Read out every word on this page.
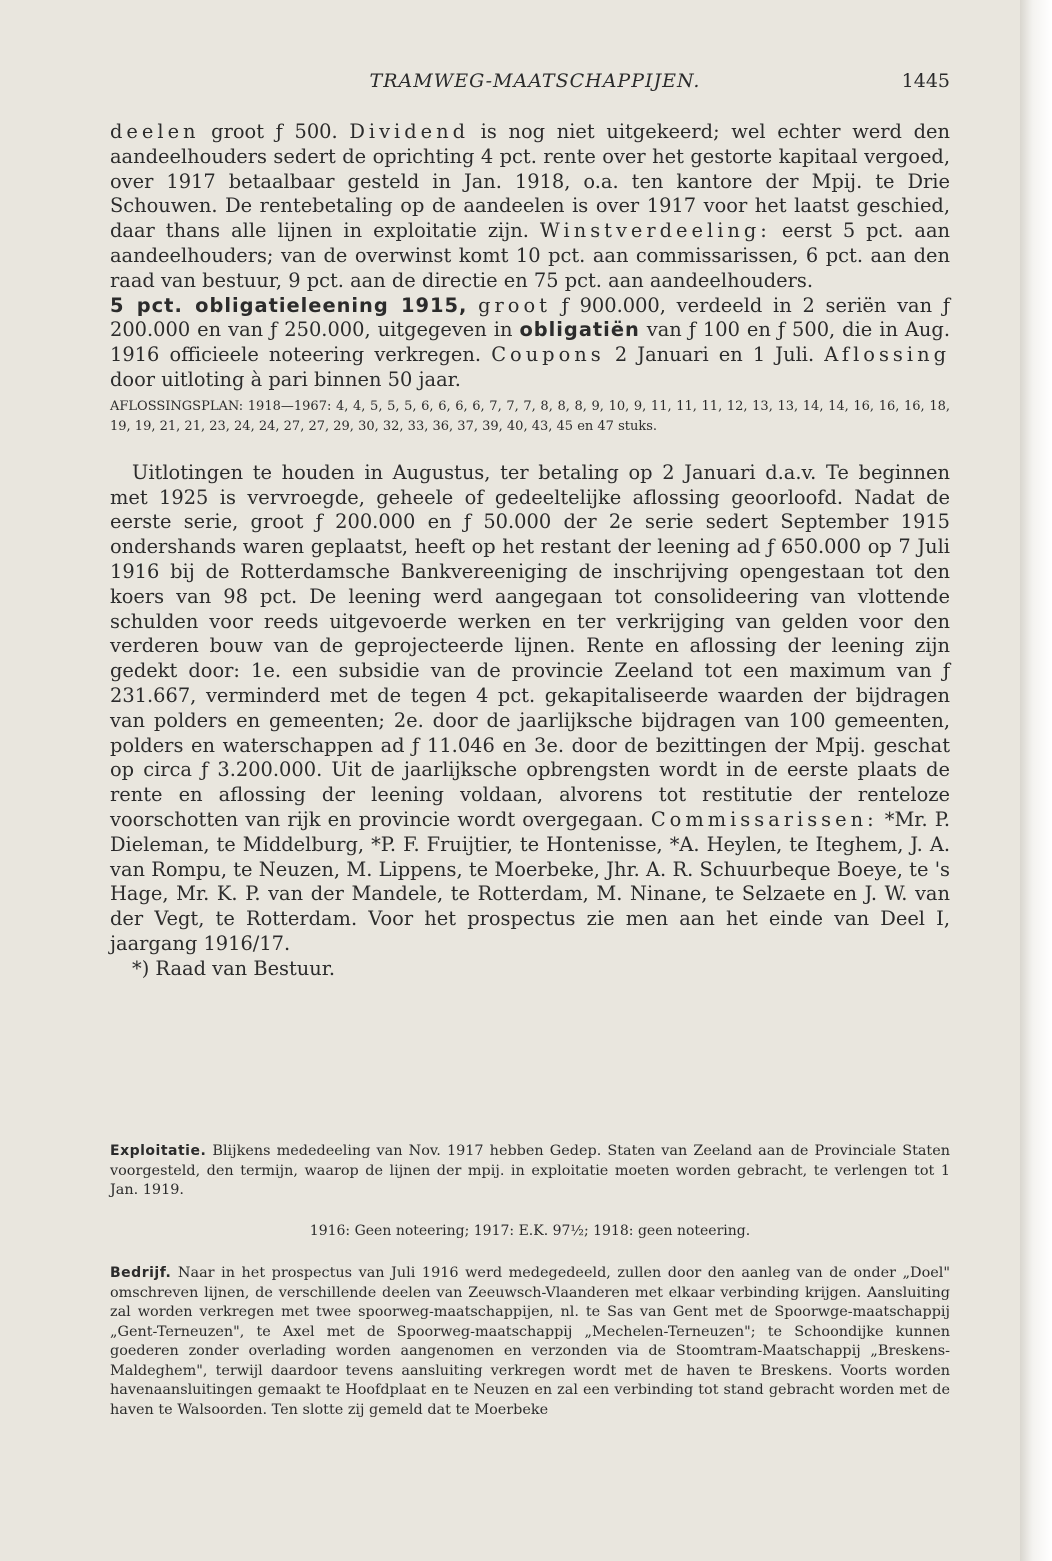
TRAMWEG-MAATSCHAPPIJEN.	1445

deelen groot ƒ 500. Dividend is nog niet uitgekeerd; wel echter werd den aandeelhouders sedert de oprichting 4 pct. rente over het gestorte kapitaal vergoed, over 1917 betaalbaar gesteld in Jan. 1918, o.a. ten kantore der Mpij. te Drie Schouwen. De rentebetaling op de aandeelen is over 1917 voor het laatst geschied, daar thans alle lijnen in exploitatie zijn. Winstverdeeling: eerst 5 pct. aan aandeelhouders; van de overwinst komt 10 pct. aan commissarissen, 6 pct. aan den raad van bestuur, 9 pct. aan de directie en 75 pct. aan aandeelhouders.

5 pct. obligatieleening 1915, groot ƒ 900.000, verdeeld in 2 seriën van ƒ 200.000 en van ƒ 250.000, uitgegeven in obligatiën van ƒ 100 en ƒ 500, die in Aug. 1916 officieele noteering verkregen. Coupons 2 Januari en 1 Juli. Aflossing door uitloting à pari binnen 50 jaar.

AFLOSSINGSPLAN: 1918—1967: 4, 4, 5, 5, 5, 6, 6, 6, 6, 7, 7, 7, 8, 8, 8, 9, 10, 9, 11, 11, 11, 12, 13, 13, 14, 14, 16, 16, 16, 18, 19, 19, 21, 21, 23, 24, 24, 27, 27, 29, 30, 32, 33, 36, 37, 39, 40, 43, 45 en 47 stuks.

Uitlotingen te houden in Augustus, ter betaling op 2 Januari d.a.v. Te beginnen met 1925 is vervroegde, geheele of gedeeltelijke aflossing geoorloofd. Nadat de eerste serie, groot ƒ 200.000 en ƒ 50.000 der 2e serie sedert September 1915 ondershands waren geplaatst, heeft op het restant der leening ad ƒ 650.000 op 7 Juli 1916 bij de Rotterdamsche Bankvereeniging de inschrijving opengestaan tot den koers van 98 pct. De leening werd aangegaan tot consolideering van vlottende schulden voor reeds uitgevoerde werken en ter verkrijging van gelden voor den verderen bouw van de geprojecteerde lijnen. Rente en aflossing der leening zijn gedekt door: 1e. een subsidie van de provincie Zeeland tot een maximum van ƒ 231.667, verminderd met de tegen 4 pct. gekapitaliseerde waarden der bijdragen van polders en gemeenten; 2e. door de jaarlijksche bijdragen van 100 gemeenten, polders en waterschappen ad ƒ 11.046 en 3e. door de bezittingen der Mpij. geschat op circa ƒ 3.200.000. Uit de jaarlijksche opbrengsten wordt in de eerste plaats de rente en aflossing der leening voldaan, alvorens tot restitutie der renteloze voorschotten van rijk en provincie wordt overgegaan. Commissarissen: *Mr. P. Dieleman, te Middelburg, *P. F. Fruijtier, te Hontenisse, *A. Heylen, te Iteghem, J. A. van Rompu, te Neuzen, M. Lippens, te Moerbeke, Jhr. A. R. Schuurbeque Boeye, te 's Hage, Mr. K. P. van der Mandele, te Rotterdam, M. Ninane, te Selzaete en J. W. van der Vegt, te Rotterdam. Voor het prospectus zie men aan het einde van Deel I, jaargang 1916/17.

*) Raad van Bestuur.

Exploitatie. Blijkens mededeeling van Nov. 1917 hebben Gedep. Staten van Zeeland aan de Provinciale Staten voorgesteld, den termijn, waarop de lijnen der mpij. in exploitatie moeten worden gebracht, te verlengen tot 1 Jan. 1919.
1916: Geen noteering; 1917: E.K. 97½; 1918: geen noteering.
Bedrijf. Naar in het prospectus van Juli 1916 werd medegedeeld, zullen door den aanleg van de onder „Doel" omschreven lijnen, de verschillende deelen van Zeeuwsch-Vlaanderen met elkaar verbinding krijgen. Aansluiting zal worden verkregen met twee spoorweg-maatschappijen, nl. te Sas van Gent met de Spoorwge-maatschappij „Gent-Terneuzen", te Axel met de Spoorweg-maatschappij „Mechelen-Terneuzen"; te Schoondijke kunnen goederen zonder overlading worden aangenomen en verzonden via de Stoomtram-Maatschappij „Breskens-Maldeghem", terwijl daardoor tevens aansluiting verkregen wordt met de haven te Breskens. Voorts worden havenaansluitingen gemaakt te Hoofdplaat en te Neuzen en zal een verbinding tot stand gebracht worden met de haven te Walsoorden. Ten slotte zij gemeld dat te Moerbeke
